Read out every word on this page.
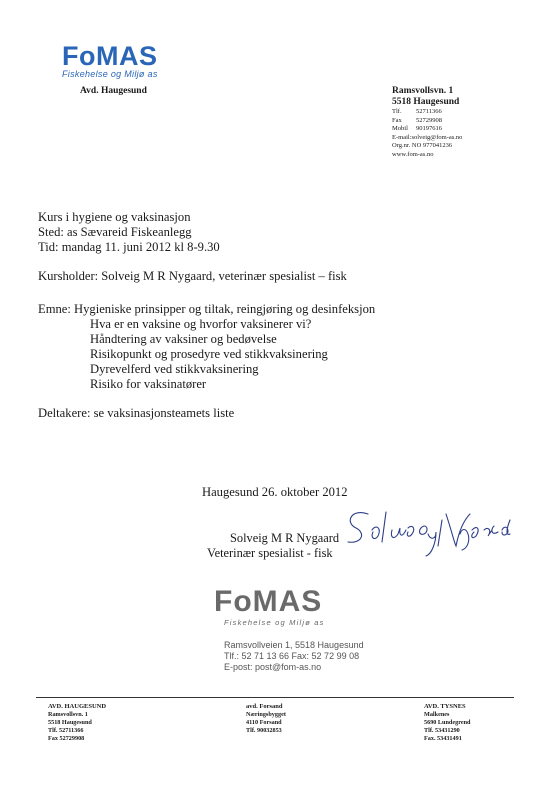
FoMAS
Fiskehelse og Miljø as
Avd. Haugesund	Ramsvollsvn. 1
5518 Haugesund
Tlf. 52711366
Fax 52729908
Mobil 90197616
E-mail:solveig@fom-as.no
Org.nr. NO 977041236
www.fom-as.no
Kurs i hygiene og vaksinasjon
Sted: as Sævareid Fiskeanlegg
Tid: mandag 11. juni 2012 kl 8-9.30
Kursholder: Solveig M R Nygaard, veterinær spesialist – fisk
Emne: Hygieniske prinsipper og tiltak, reingjøring og desinfeksjon
Hva er en vaksine og hvorfor vaksinerer vi?
Håndtering av vaksiner og bedøvelse
Risikopunkt og prosedyre ved stikkvaksinering
Dyrevelferd ved stikkvaksinering
Risiko for vaksinatører
Deltakere: se vaksinasjonsteamets liste
Haugesund 26. oktober 2012
Solveig M R Nygaard
Veterinær spesialist - fisk
FoMAS
Fiskehelse og Miljø as
Ramsvollveien 1, 5518 Haugesund
Tlf.: 52 71 13 66 Fax: 52 72 99 08
E-post: post@fom-as.no
AVD. HAUGESUND
Ramsvollsvn. 1
5518 Haugesund
Tlf. 52711366
Fax 52729908
avd. Forsand
Næringsbygget
4110 Forsand
Tlf. 90032853
AVD. TYSNES
Malkenes
5690 Lundegrend
Tlf. 53431290
Fax. 53431491
